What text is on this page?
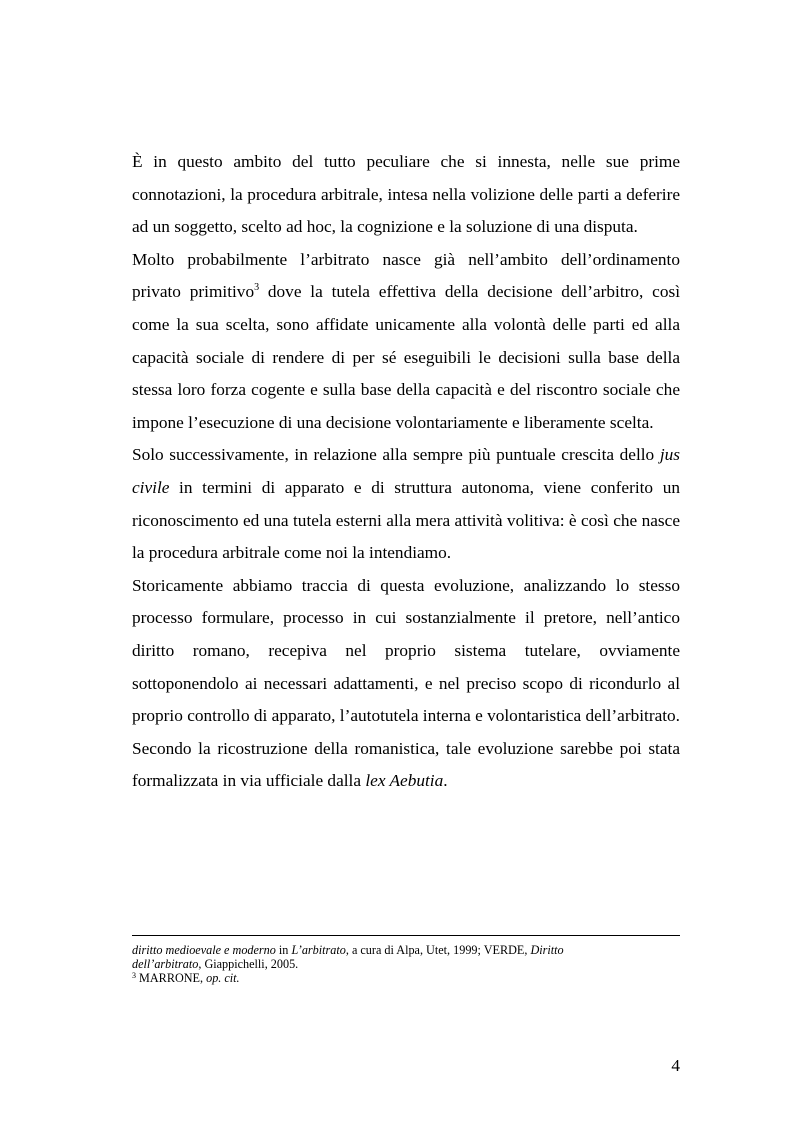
È in questo ambito del tutto peculiare che si innesta, nelle sue prime connotazioni, la procedura arbitrale, intesa nella volizione delle parti a deferire ad un soggetto, scelto ad hoc, la cognizione e la soluzione di una disputa.

Molto probabilmente l’arbitrato nasce già nell’ambito dell’ordinamento privato primitivo$^3$ dove la tutela effettiva della decisione dell’arbitro, così come la sua scelta, sono affidate unicamente alla volontà delle parti ed alla capacità sociale di rendere di per sé eseguibili le decisioni sulla base della stessa loro forza cogente e sulla base della capacità e del riscontro sociale che impone l’esecuzione di una decisione volontariamente e liberamente scelta.

Solo successivamente, in relazione alla sempre più puntuale crescita dello jus civile in termini di apparato e di struttura autonoma, viene conferito un riconoscimento ed una tutela esterni alla mera attività volitiva: è così che nasce la procedura arbitrale come noi la intendiamo.

Storicamente abbiamo traccia di questa evoluzione, analizzando lo stesso processo formulare, processo in cui sostanzialmente il pretore, nell’antico diritto romano, recepiva nel proprio sistema tutelare, ovviamente sottoponendolo ai necessari adattamenti, e nel preciso scopo di ricondurlo al proprio controllo di apparato, l’autotutela interna e volontaristica dell’arbitrato.

Secondo la ricostruzione della romanistica, tale evoluzione sarebbe poi stata formalizzata in via ufficiale dalla lex Aebutia.

diritto medioevale e moderno in L’arbitrato, a cura di Alpa, Utet, 1999; VERDE, Diritto

dell’arbitrato, Giappichelli, 2005.

$^3$ MARRONE, op. cit.

4
